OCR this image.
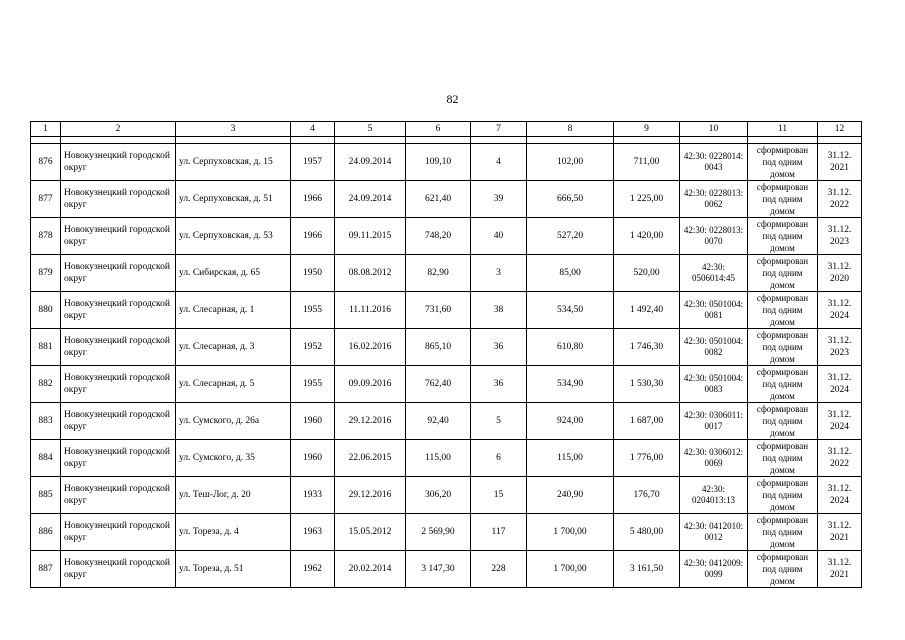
82
1	2	3	4	5	6	7	8	9	10	11	12

876	Новокузнецкий городской округ	ул. Серпуховская, д. 15	1957	24.09.2014	109,10	4	102,00	711,00	42:30: 0228014: 0043	сформирован под одним домом	31.12. 2021
877	Новокузнецкий городской округ	ул. Серпуховская, д. 51	1966	24.09.2014	621,40	39	666,50	1 225,00	42:30: 0228013: 0062	сформирован под одним домом	31.12. 2022
878	Новокузнецкий городской округ	ул. Серпуховская, д. 53	1966	09.11.2015	748,20	40	527,20	1 420,00	42:30: 0228013: 0070	сформирован под одним домом	31.12. 2023
879	Новокузнецкий городской округ	ул. Сибирская, д. 65	1950	08.08.2012	82,90	3	85,00	520,00	42:30: 0506014:45	сформирован под одним домом	31.12. 2020
880	Новокузнецкий городской округ	ул. Слесарная, д. 1	1955	11.11.2016	731,60	38	534,50	1 492,40	42:30: 0501004: 0081	сформирован под одним домом	31.12. 2024
881	Новокузнецкий городской округ	ул. Слесарная, д. 3	1952	16.02.2016	865,10	36	610,80	1 746,30	42:30: 0501004: 0082	сформирован под одним домом	31.12. 2023
882	Новокузнецкий городской округ	ул. Слесарная, д. 5	1955	09.09.2016	762,40	36	534,90	1 530,30	42:30: 0501004: 0083	сформирован под одним домом	31.12. 2024
883	Новокузнецкий городской округ	ул. Сумского, д. 26а	1960	29.12.2016	92,40	5	924,00	1 687,00	42:30: 0306011: 0017	сформирован под одним домом	31.12. 2024
884	Новокузнецкий городской округ	ул. Сумского, д. 35	1960	22.06.2015	115,00	6	115,00	1 776,00	42:30: 0306012: 0069	сформирован под одним домом	31.12. 2022
885	Новокузнецкий городской округ	ул. Теш-Лог, д. 20	1933	29.12.2016	306,20	15	240,90	176,70	42:30: 0204013:13	сформирован под одним домом	31.12. 2024
886	Новокузнецкий городской округ	ул. Тореза, д. 4	1963	15.05.2012	2 569,90	117	1 700,00	5 480,00	42:30: 0412010: 0012	сформирован под одним домом	31.12. 2021
887	Новокузнецкий городской округ	ул. Тореза, д. 51	1962	20.02.2014	3 147,30	228	1 700,00	3 161,50	42:30: 0412009: 0099	сформирован под одним домом	31.12. 2021
